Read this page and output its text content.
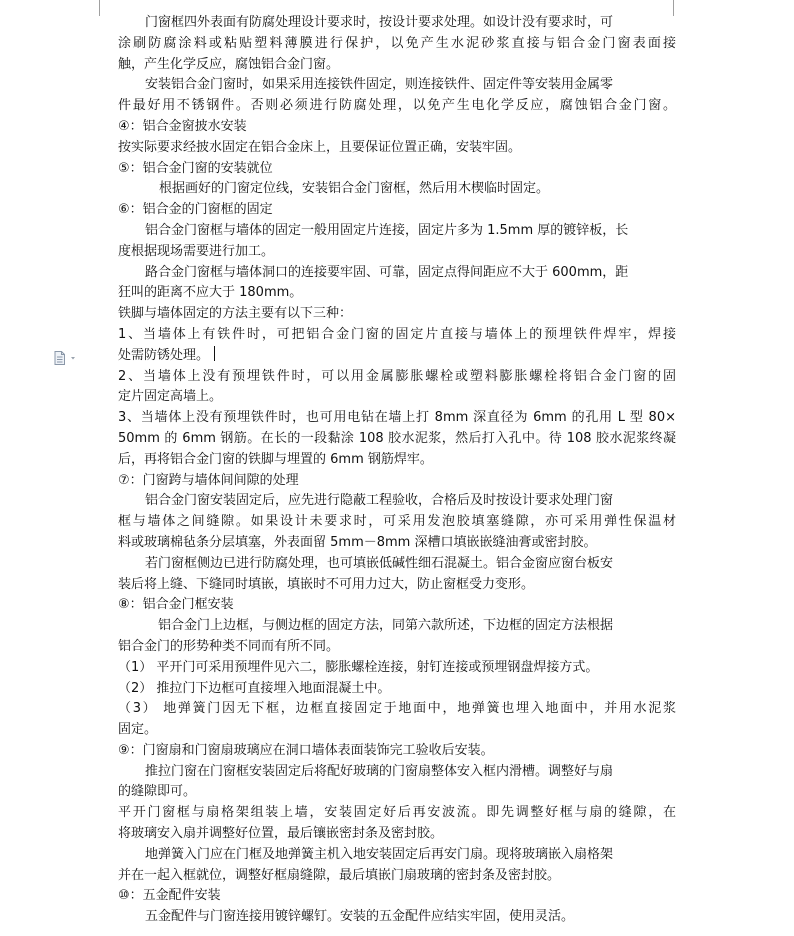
门窗框四外表面有防腐处理设计要求时，按设计要求处理。如设计没有要求时，可
涂刷防腐涂料或粘贴塑料薄膜进行保护，以免产生水泥砂浆直接与铝合金门窗表面接
触，产生化学反应，腐蚀铝合金门窗。
安装铝合金门窗时，如果采用连接铁件固定，则连接铁件、固定件等安装用金属零
件最好用不锈钢件。否则必须进行防腐处理，以免产生电化学反应，腐蚀铝合金门窗。
④：铝合金窗披水安装
按实际要求经披水固定在铝合金床上，且要保证位置正确，安装牢固。
⑤：铝合金门窗的安装就位
根据画好的门窗定位线，安装铝合金门窗框，然后用木楔临时固定。
⑥：铝合金的门窗框的固定
铝合金门窗框与墙体的固定一般用固定片连接，固定片多为 1.5mm 厚的镀锌板，长
度根据现场需要进行加工。
路合金门窗框与墙体洞口的连接要牢固、可靠，固定点得间距应不大于 600mm，距
狂叫的距离不应大于 180mm。
铁脚与墙体固定的方法主要有以下三种：
1、当墙体上有铁件时，可把铝合金门窗的固定片直接与墙体上的预埋铁件焊牢，焊接
处需防锈处理。
2、当墙体上没有预埋铁件时，可以用金属膨胀螺栓或塑料膨胀螺栓将铝合金门窗的固
定片固定高墙上。
3、当墙体上没有预埋铁件时，也可用电钻在墙上打 8mm 深直径为 6mm 的孔用 L 型 80×
50mm 的 6mm 钢筋。在长的一段黏涂 108 胶水泥浆，然后打入孔中。待 108 胶水泥浆终凝
后，再将铝合金门窗的铁脚与埋置的 6mm 钢筋焊牢。
⑦：门窗跨与墙体间间隙的处理
铝合金门窗安装固定后，应先进行隐蔽工程验收，合格后及时按设计要求处理门窗
框与墙体之间缝隙。如果设计未要求时，可采用发泡胶填塞缝隙，亦可采用弹性保温材
料或玻璃棉毡条分层填塞，外表面留 5mm－8mm 深槽口填嵌嵌缝油膏或密封胶。
若门窗框侧边已进行防腐处理，也可填嵌低碱性细石混凝土。铝合金窗应窗台板安
装后将上缝、下缝同时填嵌，填嵌时不可用力过大，防止窗框受力变形。
⑧：铝合金门框安装
铝合金门上边框，与侧边框的固定方法，同第六款所述，下边框的固定方法根据
铝合金门的形势种类不同而有所不同。
（1） 平开门可采用预埋件见六二，膨胀螺栓连接，射钉连接或预埋钢盘焊接方式。
（2） 推拉门下边框可直接埋入地面混凝土中。
（3） 地弹簧门因无下框，边框直接固定于地面中，地弹簧也埋入地面中，并用水泥浆
固定。
⑨：门窗扇和门窗扇玻璃应在洞口墙体表面装饰完工验收后安装。
推拉门窗在门窗框安装固定后将配好玻璃的门窗扇整体安入框内滑槽。调整好与扇
的缝隙即可。
平开门窗框与扇格架组装上墙，安装固定好后再安波流。即先调整好框与扇的缝隙，在
将玻璃安入扇并调整好位置，最后镶嵌密封条及密封胶。
地弹簧入门应在门框及地弹簧主机入地安装固定后再安门扇。现将玻璃嵌入扇格架
并在一起入框就位，调整好框扇缝隙，最后填嵌门扇玻璃的密封条及密封胶。
⑩：五金配件安装
五金配件与门窗连接用镀锌螺钉。安装的五金配件应结实牢固，使用灵活。
